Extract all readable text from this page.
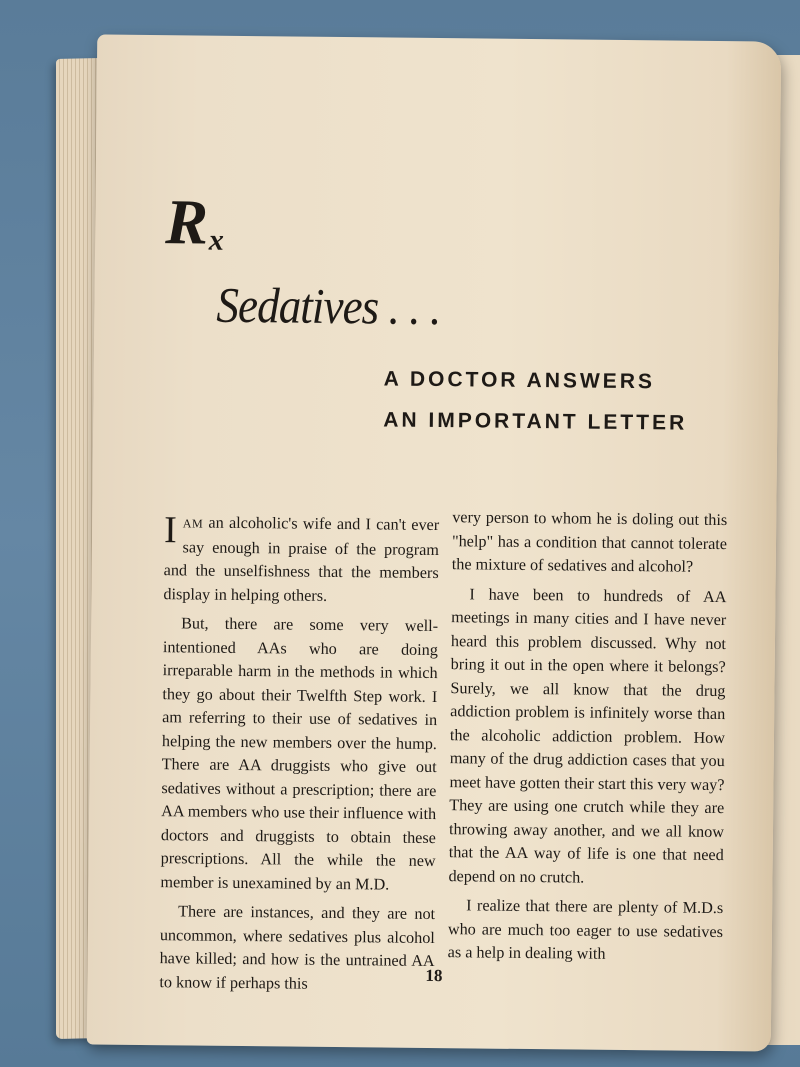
Rx
Sedatives . . .
A DOCTOR ANSWERS
AN IMPORTANT LETTER

IAM an alcoholic's wife and I can't ever say enough in praise of the program and the unselfishness that the members display in helping others.

But, there are some very well-intentioned AAs who are doing irreparable harm in the methods in which they go about their Twelfth Step work. I am referring to their use of sedatives in helping the new members over the hump. There are AA druggists who give out sedatives without a prescription; there are AA members who use their influence with doctors and druggists to obtain these prescriptions. All the while the new member is unexamined by an M.D.

There are instances, and they are not uncommon, where sedatives plus alcohol have killed; and how is the untrained AA to know if perhaps this

very person to whom he is doling out this "help" has a condition that cannot tolerate the mixture of sedatives and alcohol?

I have been to hundreds of AA meetings in many cities and I have never heard this problem discussed. Why not bring it out in the open where it belongs? Surely, we all know that the drug addiction problem is infinitely worse than the alcoholic addiction problem. How many of the drug addiction cases that you meet have gotten their start this very way? They are using one crutch while they are throwing away another, and we all know that the AA way of life is one that need depend on no crutch.

I realize that there are plenty of M.D.s who are much too eager to use sedatives as a help in dealing with

18
